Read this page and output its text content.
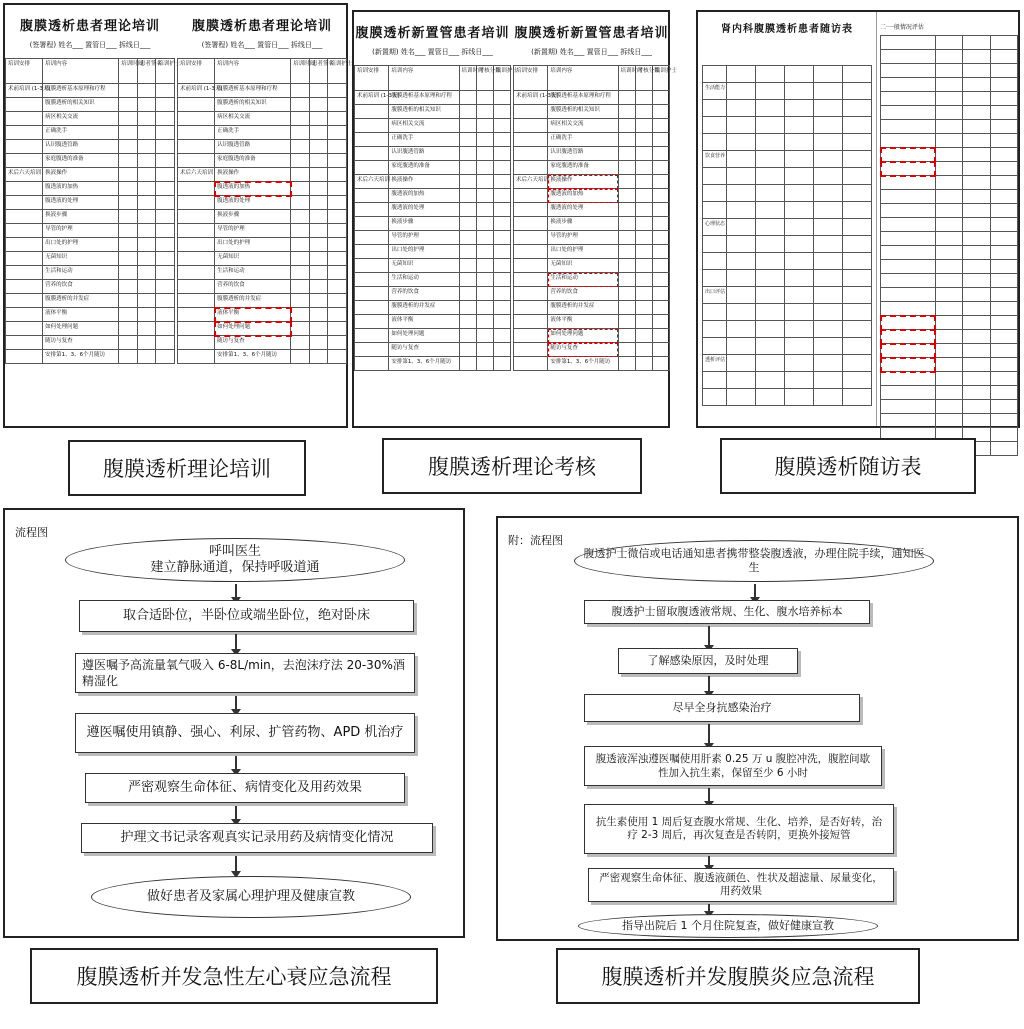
腹膜透析患者理论培训
(签署程) 姓名___ 置管日___ 拆线日___
培训安排	培训内容	培训时间	患者签名	培训护士
术前培训 (1-3天)	腹膜透析基本原理和疗程			
	腹膜透析的相关知识			
	病区相关交流			
	正确洗手			
	认识腹透管路			
	家庭腹透的准备			
术后六天培训	换液操作			
	腹透液的加热			
	腹透液的处理			
	换液步骤			
	导管的护理			
	出口处的护理			
	无菌知识			
	生活和运动			
	营养的饮食			
	腹膜透析的并发症			
	液体平衡			
	如何处理问题			
	随访与复查			
	安排第1、3、6个月随访			
腹膜透析患者理论培训
(签署程) 姓名___ 置管日___ 拆线日___
培训安排	培训内容	培训时间	患者签名	培训护士
术前培训 (1-3天)	腹膜透析基本原理和疗程			
	腹膜透析的相关知识			
	病区相关交流			
	正确洗手			
	认识腹透管路			
	家庭腹透的准备			
术后六天培训	换液操作			
	腹透液的加热			
	腹透液的处理			
	换液步骤			
	导管的护理			
	出口处的护理			
	无菌知识			
	生活和运动			
	营养的饮食			
	腹膜透析的并发症			
	液体平衡			
	如何处理问题			
	随访与复查			
	安排第1、3、6个月随访			
腹膜透析理论培训
腹膜透析新置管患者培训
(新置期) 姓名___ 置管日___ 拆线日___
培训安排	培训内容	培训时间	考核分数	培训护士
术前培训 (1-3天)	腹膜透析基本原理和疗程			
	腹膜透析的相关知识			
	病区相关交流			
	正确洗手			
	认识腹透管路			
	家庭腹透的准备			
术后六天培训	换液操作			
	腹透液的加热			
	腹透液的处理			
	换液步骤			
	导管的护理			
	出口处的护理			
	无菌知识			
	生活和运动			
	营养的饮食			
	腹膜透析的并发症			
	液体平衡			
	如何处理问题			
	随访与复查			
	安排第1、3、6个月随访			
腹膜透析新置管患者培训
(新置期) 姓名___ 置管日___ 拆线日___
培训安排	培训内容	培训时间	考核分数	培训护士
术前培训 (1-3天)	腹膜透析基本原理和疗程			
	腹膜透析的相关知识			
	病区相关交流			
	正确洗手			
	认识腹透管路			
	家庭腹透的准备			
术后六天培训	换液操作			
	腹透液的加热			
	腹透液的处理			
	换液步骤			
	导管的护理			
	出口处的护理			
	无菌知识			
	生活和运动			
	营养的饮食			
	腹膜透析的并发症			
	液体平衡			
	如何处理问题			
	随访与复查			
	安排第1、3、6个月随访			
腹膜透析理论考核
肾内科腹膜透析患者随访表

生活能力					

饮食营养					

心理状态					

出口评估					

透析评估					

二·一般情况评估

腹膜透析随访表
流程图
呼叫医生
建立静脉通道，保持呼吸道通
取合适卧位，半卧位或端坐卧位，绝对卧床
遵医嘱予高流量氧气吸入 6-8L/min，去泡沫疗法 20-30%酒精湿化
遵医嘱使用镇静、强心、利尿、扩管药物、APD 机治疗
严密观察生命体征、病情变化及用药效果
护理文书记录客观真实记录用药及病情变化情况
做好患者及家属心理护理及健康宣教
腹膜透析并发急性左心衰应急流程
附：流程图
腹透护士微信或电话通知患者携带整袋腹透液，办理住院手续，通知医生
腹透护士留取腹透液常规、生化、腹水培养标本
了解感染原因，及时处理
尽早全身抗感染治疗
腹透液浑浊遵医嘱使用肝素 0.25 万 u 腹腔冲洗，腹腔间歇性加入抗生素，保留至少 6 小时
抗生素使用 1 周后复查腹水常规、生化、培养，是否好转，治疗 2-3 周后，再次复查是否转阴，更换外接短管
严密观察生命体征、腹透液颜色、性状及超滤量、尿量变化，用药效果
指导出院后 1 个月住院复查，做好健康宣教
腹膜透析并发腹膜炎应急流程
